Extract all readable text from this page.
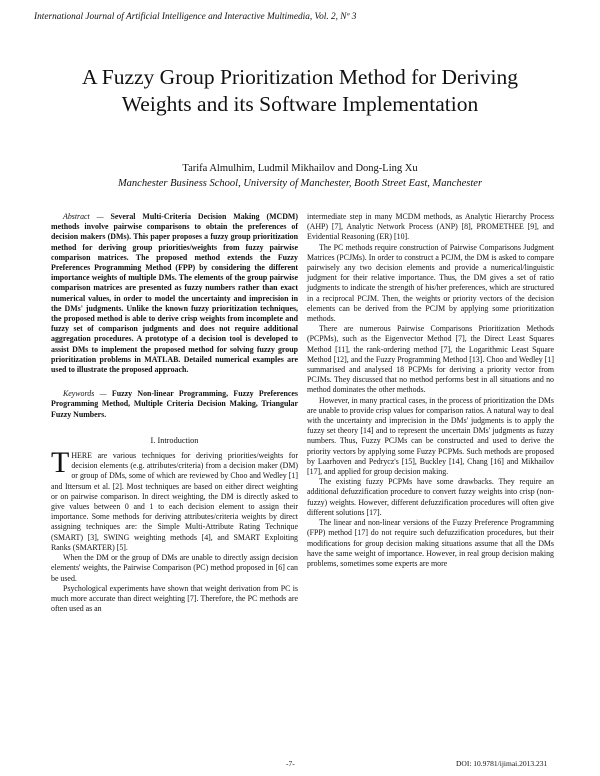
International Journal of Artificial Intelligence and Interactive Multimedia, Vol. 2, Nº 3
A Fuzzy Group Prioritization Method for Deriving Weights and its Software Implementation
Tarifa Almulhim, Ludmil Mikhailov and Dong-Ling Xu
Manchester Business School, University of Manchester, Booth Street East, Manchester

Abstract — Several Multi-Criteria Decision Making (MCDM) methods involve pairwise comparisons to obtain the preferences of decision makers (DMs). This paper proposes a fuzzy group prioritization method for deriving group priorities/weights from fuzzy pairwise comparison matrices. The proposed method extends the Fuzzy Preferences Programming Method (FPP) by considering the different importance weights of multiple DMs. The elements of the group pairwise comparison matrices are presented as fuzzy numbers rather than exact numerical values, in order to model the uncertainty and imprecision in the DMs' judgments. Unlike the known fuzzy prioritization techniques, the proposed method is able to derive crisp weights from incomplete and fuzzy set of comparison judgments and does not require additional aggregation procedures. A prototype of a decision tool is developed to assist DMs to implement the proposed method for solving fuzzy group prioritization problems in MATLAB. Detailed numerical examples are used to illustrate the proposed approach.

Keywords — Fuzzy Non-linear Programming, Fuzzy Preferences Programming Method, Multiple Criteria Decision Making, Triangular Fuzzy Numbers.

I. Introduction

THERE are various techniques for deriving priorities/weights for decision elements (e.g. attributes/criteria) from a decision maker (DM) or group of DMs, some of which are reviewed by Choo and Wedley [1] and Ittersum et al. [2]. Most techniques are based on either direct weighting or on pairwise comparison. In direct weighting, the DM is directly asked to give values between 0 and 1 to each decision element to assign their importance. Some methods for deriving attributes/criteria weights by direct assigning techniques are: the Simple Multi-Attribute Rating Technique (SMART) [3], SWING weighting methods [4], and SMART Exploiting Ranks (SMARTER) [5].

When the DM or the group of DMs are unable to directly assign decision elements' weights, the Pairwise Comparison (PC) method proposed in [6] can be used.

Psychological experiments have shown that weight derivation from PC is much more accurate than direct weighting [7]. Therefore, the PC methods are often used as an

intermediate step in many MCDM methods, as Analytic Hierarchy Process (AHP) [7], Analytic Network Process (ANP) [8], PROMETHEE [9], and Evidential Reasoning (ER) [10].

The PC methods require construction of Pairwise Comparisons Judgment Matrices (PCJMs). In order to construct a PCJM, the DM is asked to compare pairwisely any two decision elements and provide a numerical/linguistic judgment for their relative importance. Thus, the DM gives a set of ratio judgments to indicate the strength of his/her preferences, which are structured in a reciprocal PCJM. Then, the weights or priority vectors of the decision elements can be derived from the PCJM by applying some prioritization methods.

There are numerous Pairwise Comparisons Prioritization Methods (PCPMs), such as the Eigenvector Method [7], the Direct Least Squares Method [11], the rank-ordering method [7], the Logarithmic Least Square Method [12], and the Fuzzy Programming Method [13]. Choo and Wedley [1] summarised and analysed 18 PCPMs for deriving a priority vector from PCJMs. They discussed that no method performs best in all situations and no method dominates the other methods.

However, in many practical cases, in the process of prioritization the DMs are unable to provide crisp values for comparison ratios. A natural way to deal with the uncertainty and imprecision in the DMs' judgments is to apply the fuzzy set theory [14] and to represent the uncertain DMs' judgments as fuzzy numbers. Thus, Fuzzy PCJMs can be constructed and used to derive the priority vectors by applying some Fuzzy PCPMs. Such methods are proposed by Laarhoven and Pedrycz's [15], Buckley [14], Chang [16] and Mikhailov [17], and applied for group decision making.

The existing fuzzy PCPMs have some drawbacks. They require an additional defuzzification procedure to convert fuzzy weights into crisp (non-fuzzy) weights. However, different defuzzification procedures will often give different solutions [17].

The linear and non-linear versions of the Fuzzy Preference Programming (FPP) method [17] do not require such defuzzification procedures, but their modifications for group decision making situations assume that all the DMs have the same weight of importance. However, in real group decision making problems, sometimes some experts are more

-7-	DOI: 10.9781/ijimai.2013.231
